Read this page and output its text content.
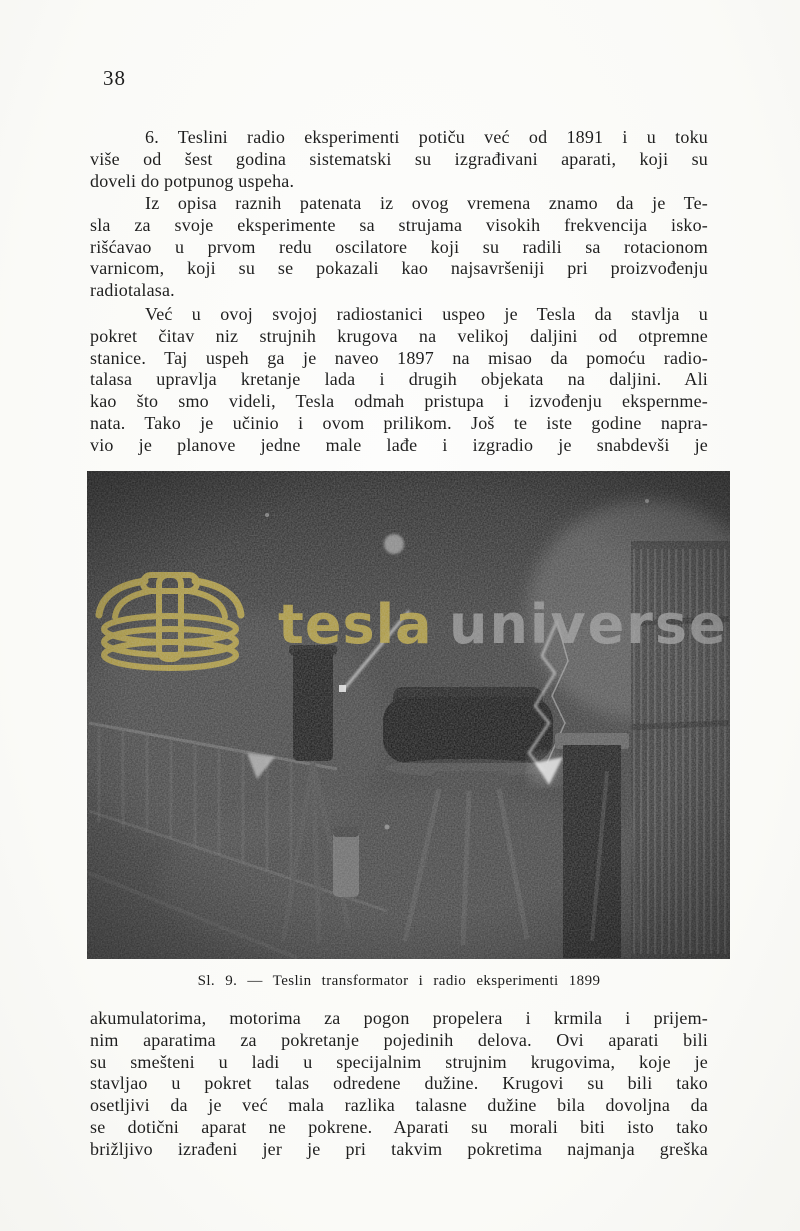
38
6. Teslini radio eksperimenti potiču već od 1891 i u toku
više od šest godina sistematski su izgrađivani aparati, koji su
doveli do potpunog uspeha.
Iz opisa raznih patenata iz ovog vremena znamo da je Te-
sla za svoje eksperimente sa strujama visokih frekvencija isko-
rišćavao u prvom redu oscilatore koji su radili sa rotacionom
varnicom, koji su se pokazali kao najsavršeniji pri proizvođenju
radiotalasa.
Već u ovoj svojoj radiostanici uspeo je Tesla da stavlja u
pokret čitav niz strujnih krugova na velikoj daljini od otpremne
stanice. Taj uspeh ga je naveo 1897 na misao da pomoću radio-
talasa upravlja kretanje lada i drugih objekata na daljini. Ali
kao što smo videli, Tesla odmah pristupa i izvođenju ekspernme-
nata. Tako je učinio i ovom prilikom. Još te iste godine napra-
vio je planove jedne male lađe i izgradio je snabdevši je
Sl. 9. — Teslin transformator i radio eksperimenti 1899
akumulatorima, motorima za pogon propelera i krmila i prijem-
nim aparatima za pokretanje pojedinih delova. Ovi aparati bili
su smešteni u ladi u specijalnim strujnim krugovima, koje je
stavljao u pokret talas odredene dužine. Krugovi su bili tako
osetljivi da je već mala razlika talasne dužine bila dovoljna da
se dotični aparat ne pokrene. Aparati su morali biti isto tako
brižljivo izrađeni jer je pri takvim pokretima najmanja greška
